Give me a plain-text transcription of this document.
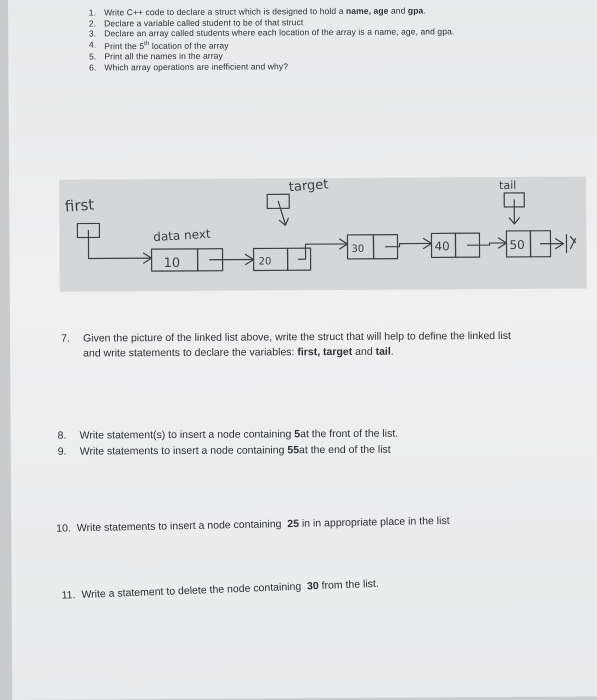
1. Write C++ code to declare a struct which is designed to hold a name, age and gpa.
2. Declare a variable called student to be of that struct
3. Declare an array called students where each location of the array is a name, age, and gpa.
4. Print the 5th location of the array
5. Print all the names in the array
6. Which array operations are inefficient and why?
first
target	tail
data next
10	20
30	40	50
7.	Given the picture of the linked list above, write the struct that will help to define the linked list
and write statements to declare the variables: first, target and tail.
8.	Write statement(s) to insert a node containing
5 at the front of the list.
9.	Write statements to insert a node containing
55 at the end of the list
10. Write statements to insert a node containing  25 in in appropriate place in the list
11. Write a statement to delete the node containing  30 from the list.
